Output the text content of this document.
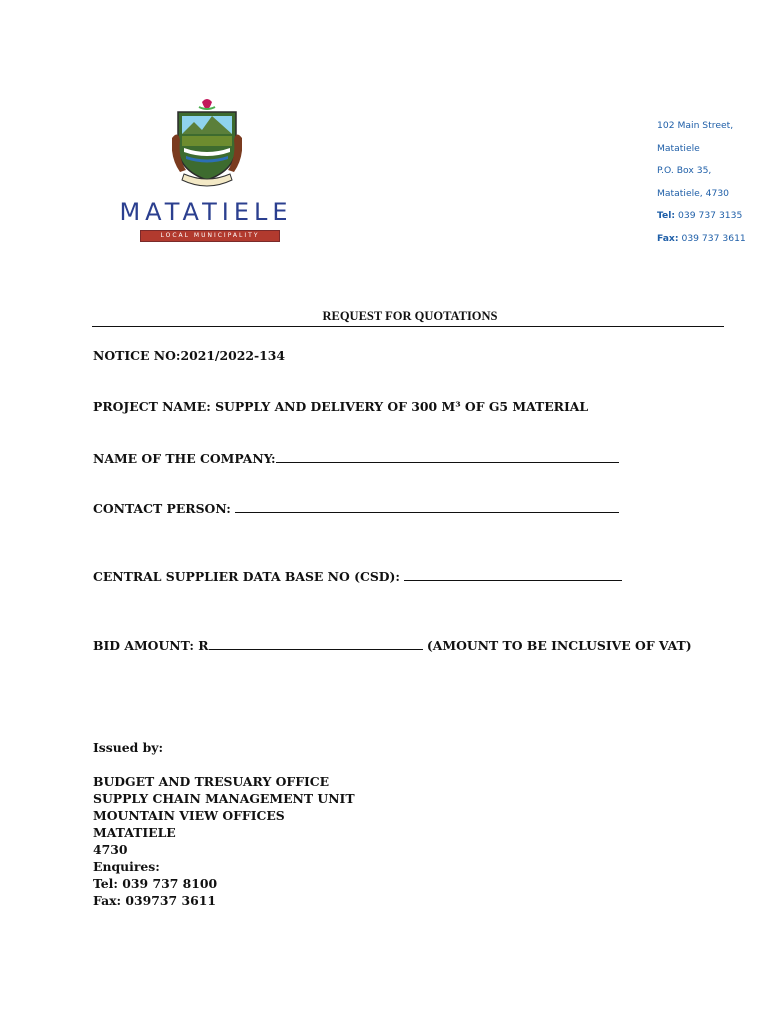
MATATIELE
LOCAL MUNICIPALITY
102 Main Street,
Matatiele
P.O. Box 35,
Matatiele, 4730
Tel: 039 737 3135
Fax: 039 737 3611
REQUEST FOR QUOTATIONS
NOTICE NO:2021/2022-134
PROJECT NAME: SUPPLY AND DELIVERY OF 300 M³ OF G5 MATERIAL
NAME OF THE COMPANY:
CONTACT PERSON:
CENTRAL SUPPLIER DATA BASE NO (CSD):
BID AMOUNT: R	(AMOUNT TO BE INCLUSIVE OF VAT)
Issued by:
BUDGET AND TRESUARY OFFICE
SUPPLY CHAIN MANAGEMENT UNIT
MOUNTAIN VIEW OFFICES
MATATIELE
4730
Enquires:
Tel: 039 737 8100
Fax: 039737 3611
